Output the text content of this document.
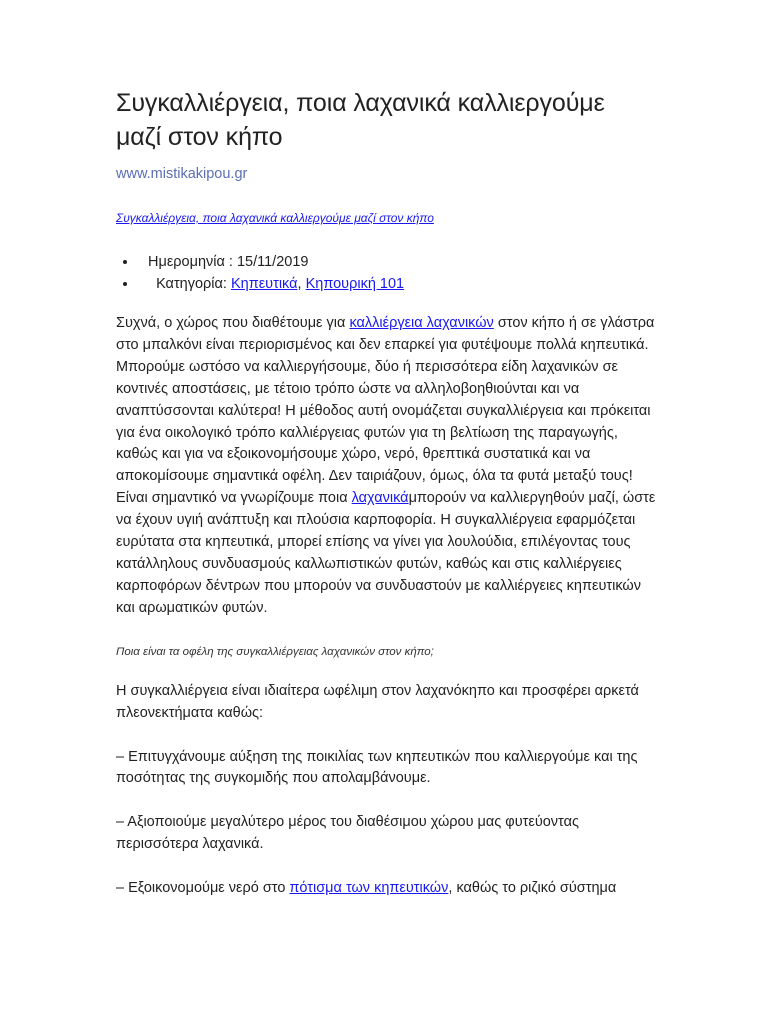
Συγκαλλιέργεια, ποια λαχανικά καλλιεργούμε μαζί στον κήπο
www.mistikakipou.gr
Συγκαλλιέργεια, ποια λαχανικά καλλιεργούμε μαζί στον κήπο
• Ημερομηνία : 15/11/2019
• Κατηγορία: Κηπευτικά, Κηπουρική 101

Συχνά, ο χώρος που διαθέτουμε για καλλιέργεια λαχανικών στον κήπο ή σε γλάστρα στο μπαλκόνι είναι περιορισμένος και δεν επαρκεί για φυτέψουμε πολλά κηπευτικά. Μπορούμε ωστόσο να καλλιεργήσουμε, δύο ή περισσότερα είδη λαχανικών σε κοντινές αποστάσεις, με τέτοιο τρόπο ώστε να αλληλοβοηθιούνται και να αναπτύσσονται καλύτερα! Η μέθοδος αυτή ονομάζεται συγκαλλιέργεια και πρόκειται για ένα οικολογικό τρόπο καλλιέργειας φυτών για τη βελτίωση της παραγωγής, καθώς και για να εξοικονομήσουμε χώρο, νερό, θρεπτικά συστατικά και να αποκομίσουμε σημαντικά οφέλη. Δεν ταιριάζουν, όμως, όλα τα φυτά μεταξύ τους! Είναι σημαντικό να γνωρίζουμε ποια λαχανικάμπορούν να καλλιεργηθούν μαζί, ώστε να έχουν υγιή ανάπτυξη και πλούσια καρποφορία. Η συγκαλλιέργεια εφαρμόζεται ευρύτατα στα κηπευτικά, μπορεί επίσης να γίνει για λουλούδια, επιλέγοντας τους κατάλληλους συνδυασμούς καλλωπιστικών φυτών, καθώς και στις καλλιέργειες καρποφόρων δέντρων που μπορούν να συνδυαστούν με καλλιέργειες κηπευτικών και αρωματικών φυτών.

Ποια είναι τα οφέλη της συγκαλλιέργειας λαχανικών στον κήπο;

Η συγκαλλιέργεια είναι ιδιαίτερα ωφέλιμη στον λαχανόκηπο και προσφέρει αρκετά πλεονεκτήματα καθώς:

– Επιτυγχάνουμε αύξηση της ποικιλίας των κηπευτικών που καλλιεργούμε και της ποσότητας της συγκομιδής που απολαμβάνουμε.

– Αξιοποιούμε μεγαλύτερο μέρος του διαθέσιμου χώρου μας φυτεύοντας περισσότερα λαχανικά.

– Εξοικονομούμε νερό στο πότισμα των κηπευτικών, καθώς το ριζικό σύστημα
